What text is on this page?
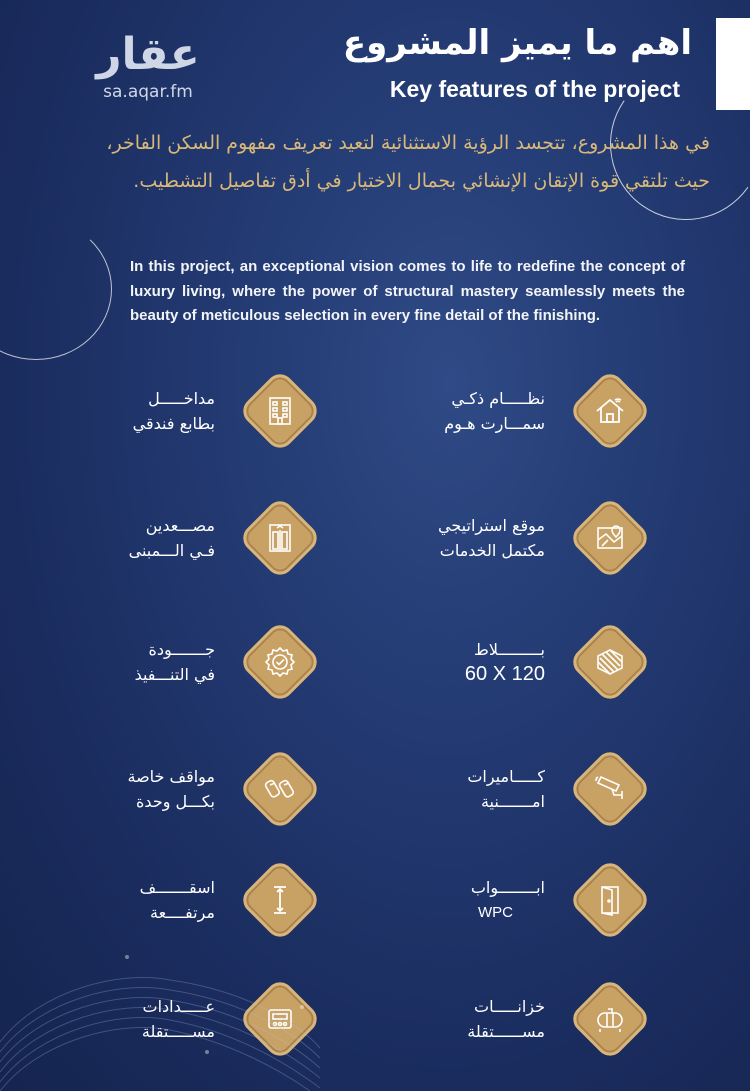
عقار
sa.aqar.fm
اهم ما يميز المشروع
Key features of the project
في هذا المشروع، تتجسد الرؤية الاستثنائية لتعيد تعريف مفهوم السكن الفاخر، حيث تلتقي قوة الإتقان الإنشائي بجمال الاختيار في أدق تفاصيل التشطيب.
In this project, an exceptional vision comes to life to redefine the concept of luxury living, where the power of structural mastery seamlessly meets the beauty of meticulous selection in every fine detail of the finishing.
نظـــــام ذكـي
سمـــارت هـوم
مداخـــــل
بطابع فندقي
موقع استراتيجي
مكتمل الخدمات
مصـــعدين
فـي الـــمبنى
بـــــــــلاط
60 X 120
جـــــــودة
في التنـــفيذ
كـــــاميرات
امـــــــنية
مواقف خاصة
بكـــل وحدة
ابــــــــواب
WPC
اسقـــــــف
مرتفــــعة
خزانـــــات
مســــــتقلة
عـــــدادات
مســـــتقلة
